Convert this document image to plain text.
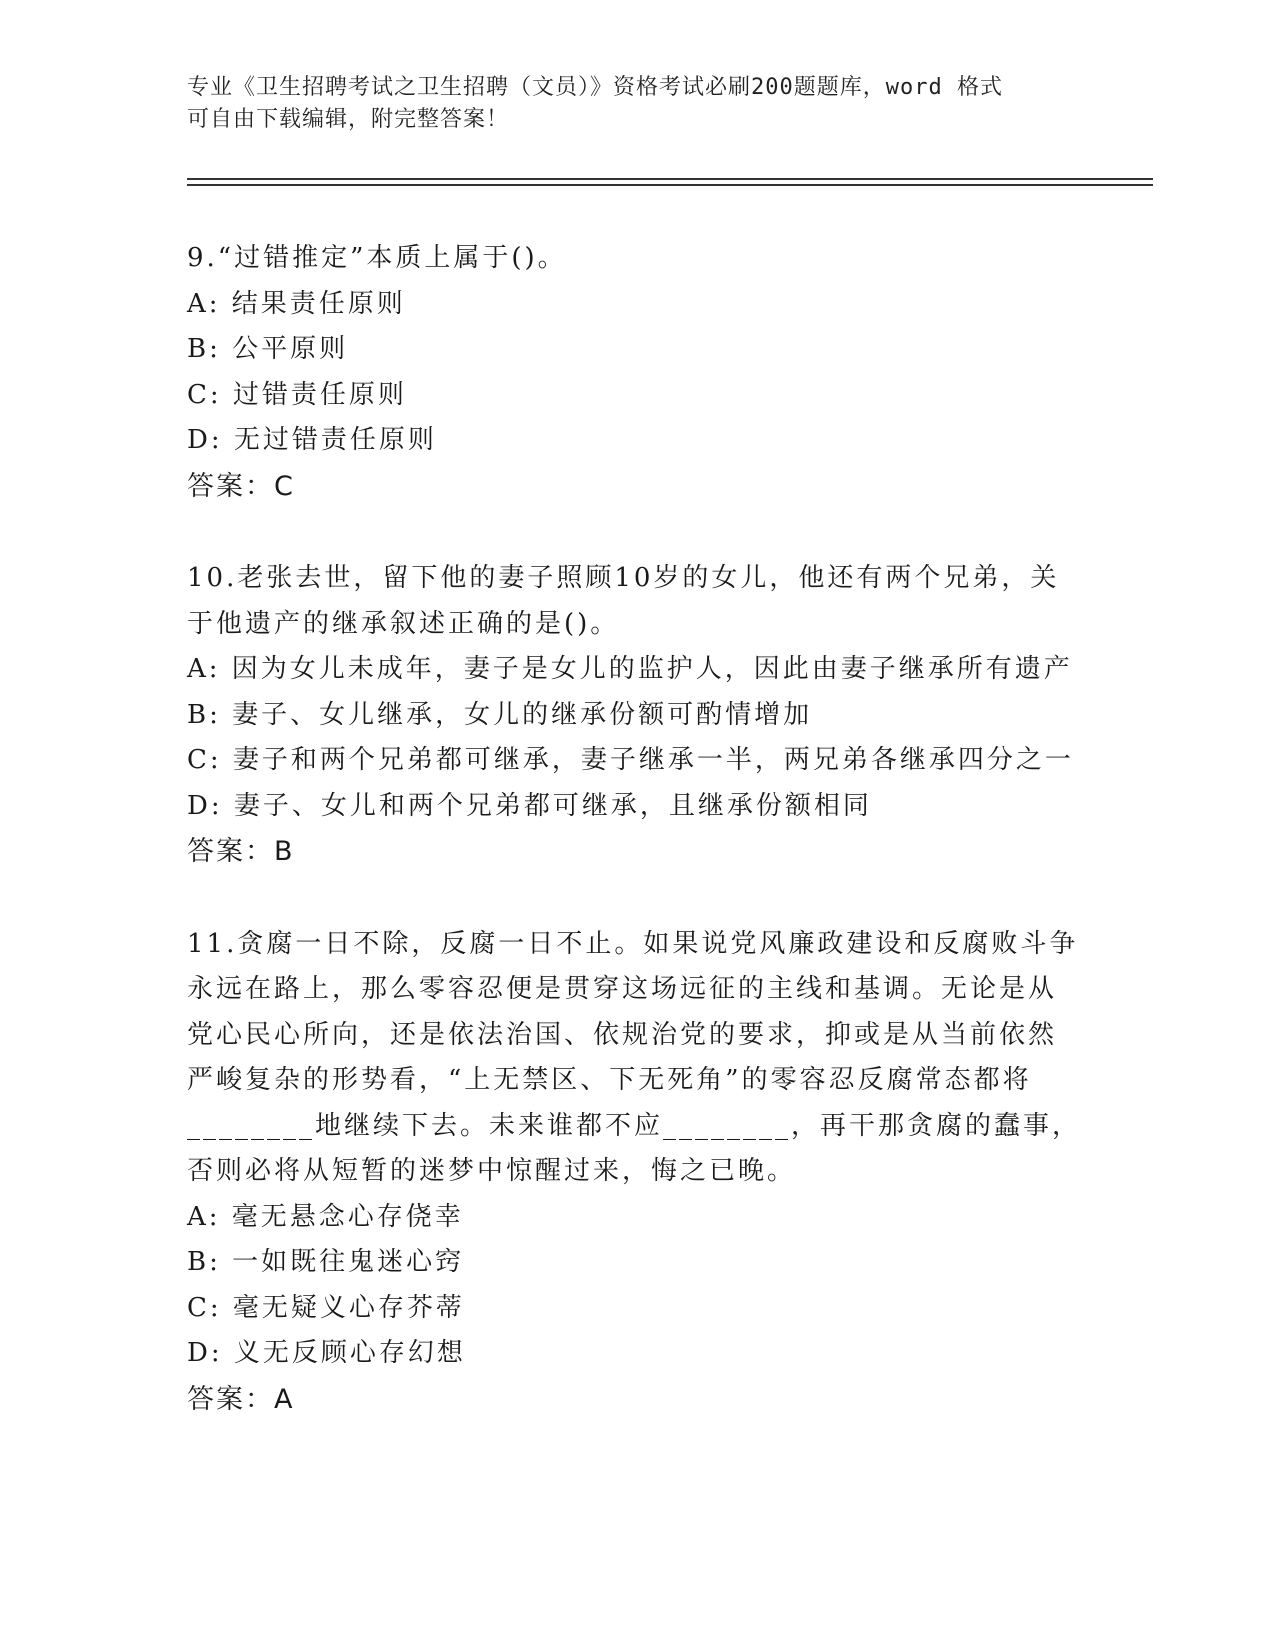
专业《卫生招聘考试之卫生招聘（文员）》资格考试必刷200题题库，word 格式

可自由下载编辑，附完整答案！

9.“过错推定”本质上属于()。

A: 结果责任原则

B: 公平原则

C: 过错责任原则

D: 无过错责任原则

答案：C

10.老张去世，留下他的妻子照顾10岁的女儿，他还有两个兄弟，关

于他遗产的继承叙述正确的是()。

A: 因为女儿未成年，妻子是女儿的监护人，因此由妻子继承所有遗产

B: 妻子、女儿继承，女儿的继承份额可酌情增加

C: 妻子和两个兄弟都可继承，妻子继承一半，两兄弟各继承四分之一

D: 妻子、女儿和两个兄弟都可继承，且继承份额相同

答案：B

11.贪腐一日不除，反腐一日不止。如果说党风廉政建设和反腐败斗争

永远在路上，那么零容忍便是贯穿这场远征的主线和基调。无论是从

党心民心所向，还是依法治国、依规治党的要求，抑或是从当前依然

严峻复杂的形势看，“上无禁区、下无死角”的零容忍反腐常态都将

________地继续下去。未来谁都不应________，再干那贪腐的蠢事，

否则必将从短暂的迷梦中惊醒过来，悔之已晚。

A: 毫无悬念心存侥幸

B: 一如既往鬼迷心窍

C: 毫无疑义心存芥蒂

D: 义无反顾心存幻想

答案：A
